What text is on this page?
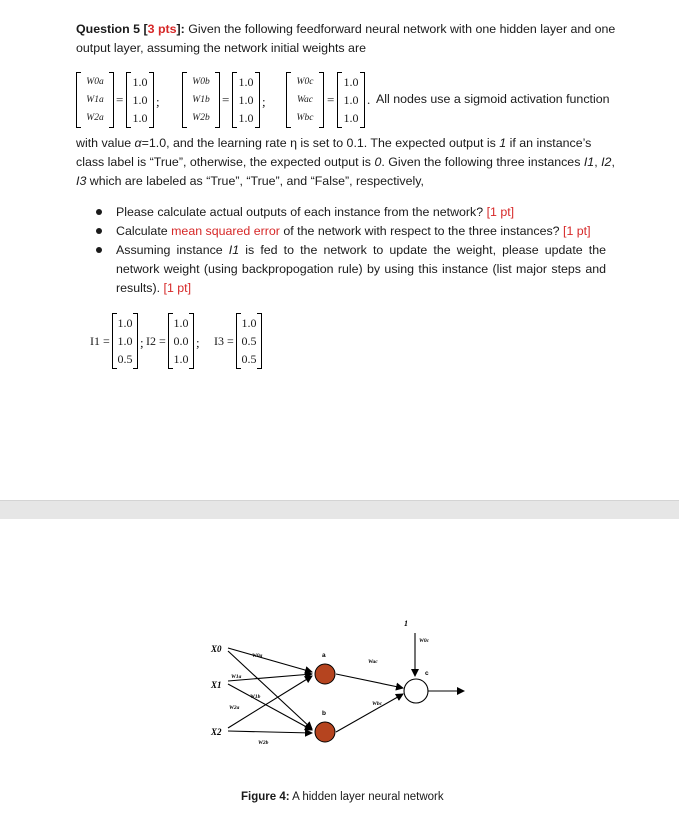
Question 5 [3 pts]: Given the following feedforward neural network with one hidden layer and one output layer, assuming the network initial weights are

W0a
W1a
W2a
=
1.0
1.0
1.0
;
W0b
W1b
W2b
=
1.0
1.0
1.0
;
W0c
Wac
Wbc
=
1.0
1.0
1.0
. All nodes use a sigmoid activation function

with value α=1.0, and the learning rate η is set to 0.1. The expected output is 1 if an instance’s class label is “True”, otherwise, the expected output is 0. Given the following three instances I1, I2, I3 which are labeled as “True”, “True”, and “False”, respectively,

Please calculate actual outputs of each instance from the network? [1 pt]
Calculate mean squared error of the network with respect to the three instances? [1 pt]
Assuming instance I1 is fed to the network to update the weight, please update the network weight (using backpropogation rule) by using this instance (list major steps and results). [1 pt]
I1 =
1.0
1.0
0.5
; I2 =
1.0
0.0
1.0
; I3 =
1.0
0.5
0.5
X0
X1
X2
a
b
c
1
W0a
W1a
W1b
W2a
W2b
Wac
Wbc
W0c
Figure 4: A hidden layer neural network
